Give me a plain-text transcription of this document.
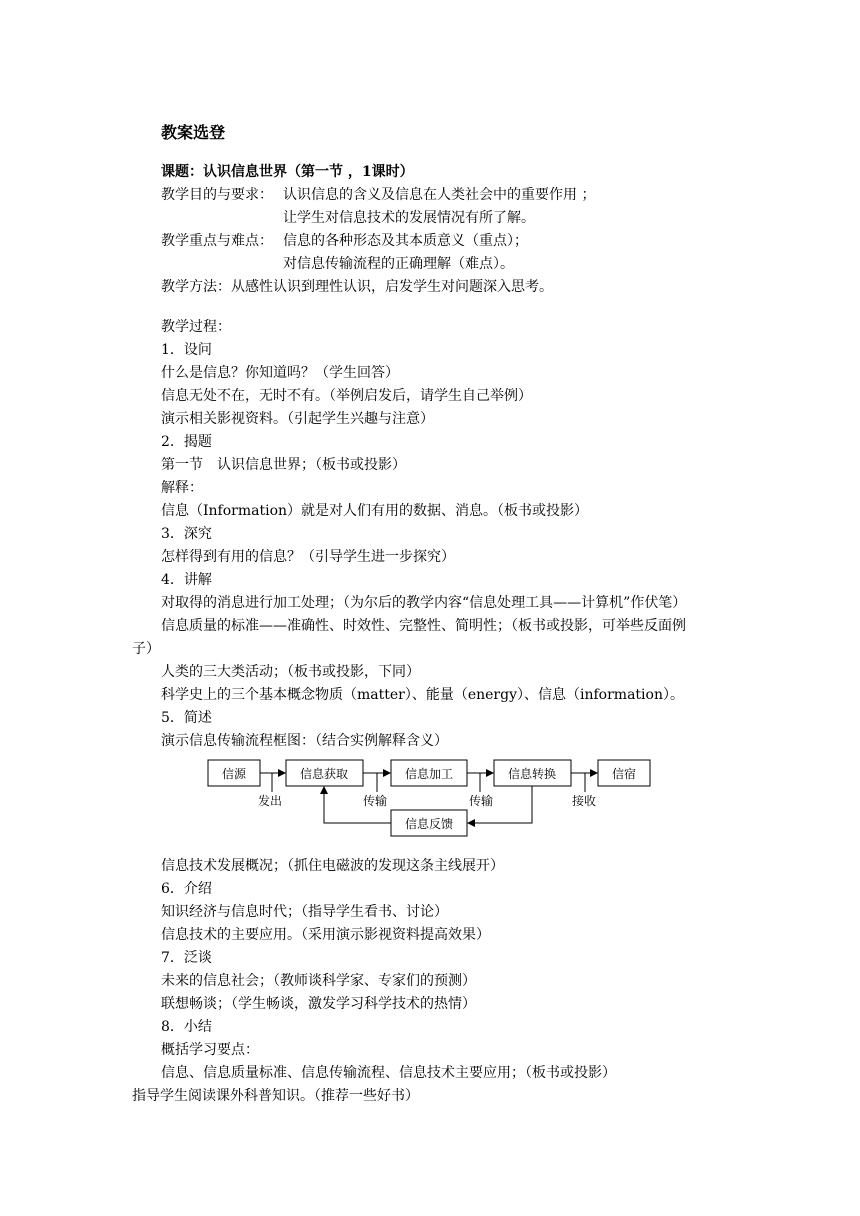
教案选登
课题：认识信息世界（第一节 ，1课时）
教学目的与要求： 认识信息的含义及信息在人类社会中的重要作用 ；
让学生对信息技术的发展情况有所了解。
教学重点与难点： 信息的各种形态及其本质意义（重点）；
对信息传输流程的正确理解（难点）。
教学方法：从感性认识到理性认识，启发学生对问题深入思考。
教学过程：
1．设问
什么是信息？你知道吗？（学生回答）
信息无处不在，无时不有。（举例启发后，请学生自己举例）
演示相关影视资料。（引起学生兴趣与注意）
2．揭题
第一节　认识信息世界；（板书或投影）
解释：
信息（Information）就是对人们有用的数据、消息。（板书或投影）
3．深究
怎样得到有用的信息？（引导学生进一步探究）
4．讲解
对取得的消息进行加工处理；（为尔后的教学内容“信息处理工具——计算机”作伏笔）
信息质量的标准——准确性、时效性、完整性、简明性；（板书或投影，可举些反面例
子）
人类的三大类活动；（板书或投影，下同）
科学史上的三个基本概念物质（matter）、能量（energy）、信息（information）。
5．简述
演示信息传输流程框图：（结合实例解释含义）
信源	信息获取	信息加工	信息转换	信宿
信息反馈
发出	传输	传输	接收
信息技术发展概况；（抓住电磁波的发现这条主线展开）
6．介绍
知识经济与信息时代；（指导学生看书、讨论）
信息技术的主要应用。（采用演示影视资料提高效果）
7．泛谈
未来的信息社会；（教师谈科学家、专家们的预测）
联想畅谈；（学生畅谈，激发学习科学技术的热情）
8．小结
概括学习要点：
信息、信息质量标准、信息传输流程、信息技术主要应用；（板书或投影）
指导学生阅读课外科普知识。（推荐一些好书）
